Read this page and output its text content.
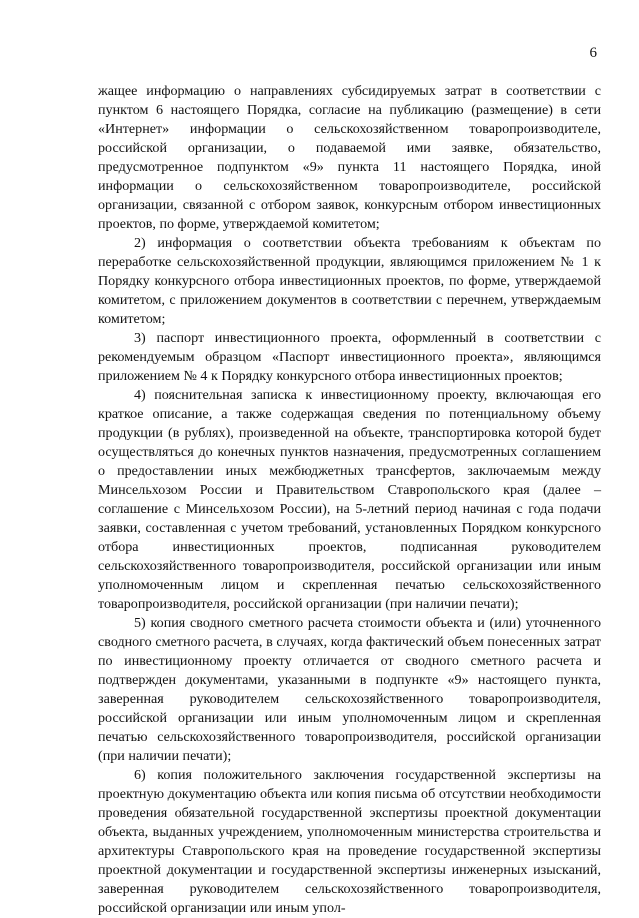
6

жащее информацию о направлениях субсидируемых затрат в соответствии с пунктом 6 настоящего Порядка, согласие на публикацию (размещение) в сети «Интернет» информации о сельскохозяйственном товаропроизводителе, российской организации, о подаваемой ими заявке, обязательство, предусмотренное подпунктом «9» пункта 11 настоящего Порядка, иной информации о сельскохозяйственном товаропроизводителе, российской организации, связанной с отбором заявок, конкурсным отбором инвестиционных проектов, по форме, утверждаемой комитетом;

2) информация о соответствии объекта требованиям к объектам по переработке сельскохозяйственной продукции, являющимся приложением № 1 к Порядку конкурсного отбора инвестиционных проектов, по форме, утверждаемой комитетом, с приложением документов в соответствии с перечнем, утверждаемым комитетом;

3) паспорт инвестиционного проекта, оформленный в соответствии с рекомендуемым образцом «Паспорт инвестиционного проекта», являющимся приложением № 4 к Порядку конкурсного отбора инвестиционных проектов;

4) пояснительная записка к инвестиционному проекту, включающая его краткое описание, а также содержащая сведения по потенциальному объему продукции (в рублях), произведенной на объекте, транспортировка которой будет осуществляться до конечных пунктов назначения, предусмотренных соглашением о предоставлении иных межбюджетных трансфертов, заключаемым между Минсельхозом России и Правительством Ставропольского края (далее – соглашение с Минсельхозом России), на 5-летний период начиная с года подачи заявки, составленная с учетом требований, установленных Порядком конкурсного отбора инвестиционных проектов, подписанная руководителем сельскохозяйственного товаропроизводителя, российской организации или иным уполномоченным лицом и скрепленная печатью сельскохозяйственного товаропроизводителя, российской организации (при наличии печати);

5) копия сводного сметного расчета стоимости объекта и (или) уточненного сводного сметного расчета, в случаях, когда фактический объем понесенных затрат по инвестиционному проекту отличается от сводного сметного расчета и подтвержден документами, указанными в подпункте «9» настоящего пункта, заверенная руководителем сельскохозяйственного товаропроизводителя, российской организации или иным уполномоченным лицом и скрепленная печатью сельскохозяйственного товаропроизводителя, российской организации (при наличии печати);

6) копия положительного заключения государственной экспертизы на проектную документацию объекта или копия письма об отсутствии необходимости проведения обязательной государственной экспертизы проектной документации объекта, выданных учреждением, уполномоченным министерства строительства и архитектуры Ставропольского края на проведение государственной экспертизы проектной документации и государственной экспертизы инженерных изысканий, заверенная руководителем сельскохозяйственного товаропроизводителя, российской организации или иным упол-
